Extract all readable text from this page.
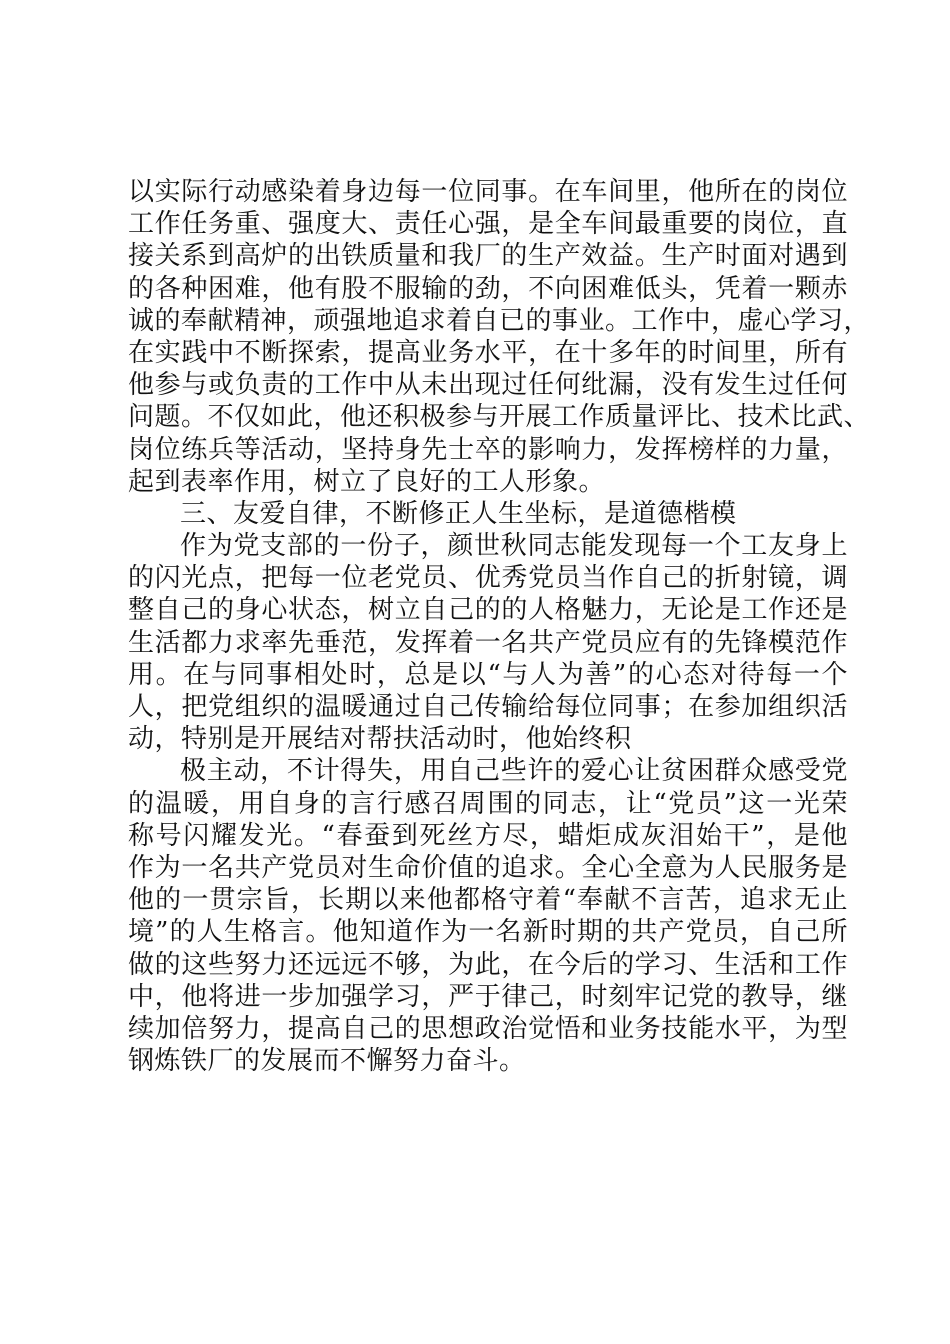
以实际行动感染着身边每一位同事。在车间里，他所在的岗位
工作任务重、强度大、责任心强，是全车间最重要的岗位，直
接关系到高炉的出铁质量和我厂的生产效益。生产时面对遇到
的各种困难，他有股不服输的劲，不向困难低头，凭着一颗赤
诚的奉献精神，顽强地追求着自已的事业。工作中，虚心学习，
在实践中不断探索，提高业务水平，在十多年的时间里，所有
他参与或负责的工作中从未出现过任何纰漏，没有发生过任何
问题。不仅如此，他还积极参与开展工作质量评比、技术比武、
岗位练兵等活动，坚持身先士卒的影响力，发挥榜样的力量，
起到表率作用，树立了良好的工人形象。
三、友爱自律，不断修正人生坐标，是道德楷模
作为党支部的一份子，颜世秋同志能发现每一个工友身上
的闪光点，把每一位老党员、优秀党员当作自己的折射镜，调
整自己的身心状态，树立自己的的人格魅力，无论是工作还是
生活都力求率先垂范，发挥着一名共产党员应有的先锋模范作
用。在与同事相处时，总是以“与人为善”的心态对待每一个
人，把党组织的温暖通过自己传输给每位同事；在参加组织活
动，特别是开展结对帮扶活动时，他始终积
极主动，不计得失，用自己些许的爱心让贫困群众感受党
的温暖，用自身的言行感召周围的同志，让“党员”这一光荣
称号闪耀发光。“春蚕到死丝方尽，蜡炬成灰泪始干”，是他
作为一名共产党员对生命价值的追求。全心全意为人民服务是
他的一贯宗旨，长期以来他都格守着“奉献不言苦，追求无止
境”的人生格言。他知道作为一名新时期的共产党员，自己所
做的这些努力还远远不够，为此，在今后的学习、生活和工作
中，他将进一步加强学习，严于律己，时刻牢记党的教导，继
续加倍努力，提高自己的思想政治觉悟和业务技能水平，为型
钢炼铁厂的发展而不懈努力奋斗。
